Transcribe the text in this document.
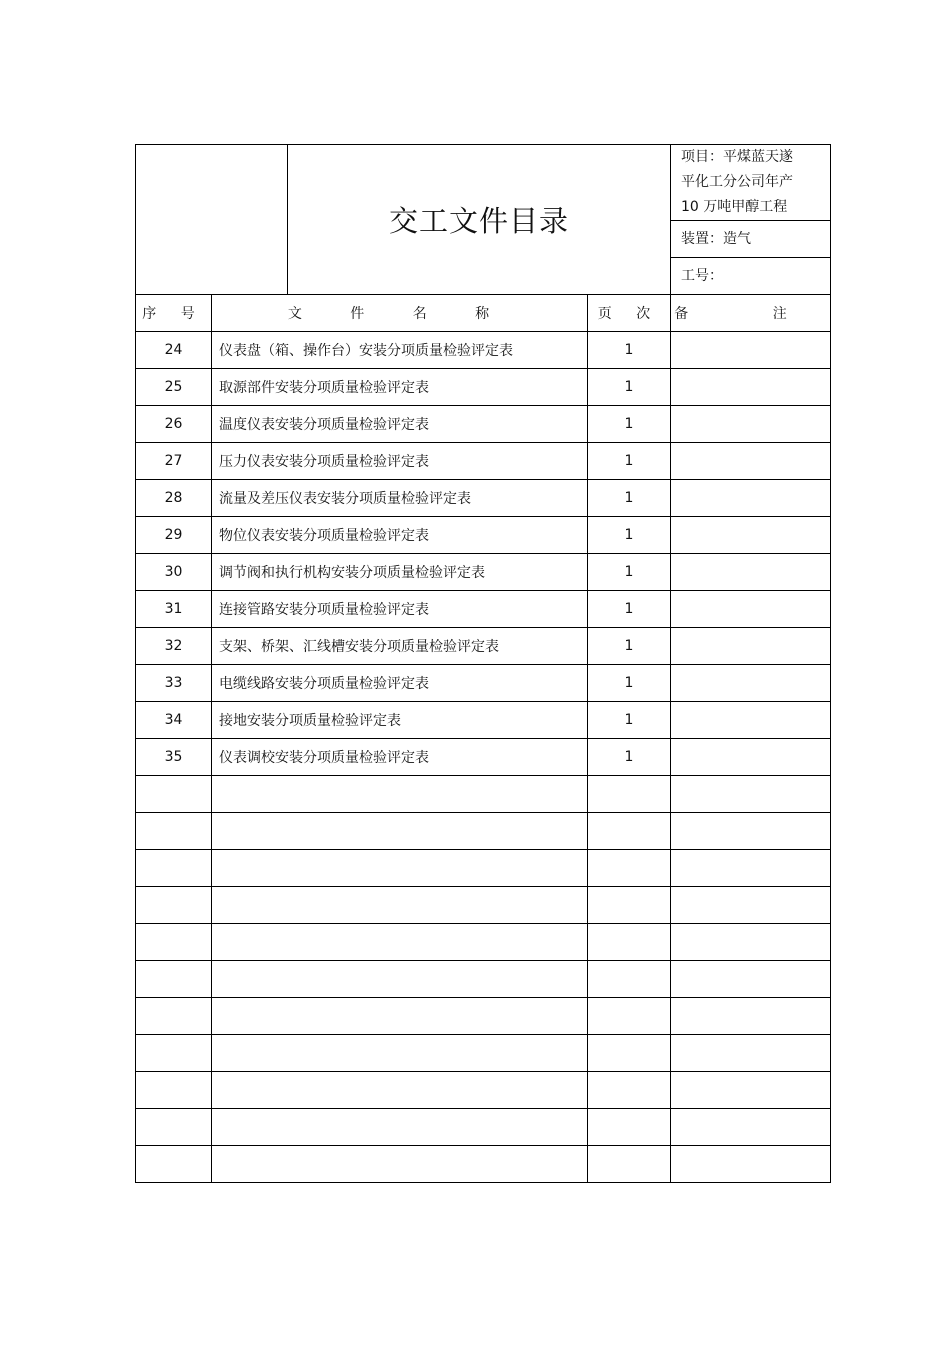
	交工文件目录	
项目：平煤蓝天遂
平化工分公司年产
10 万吨甲醇工程

装置：造气
工号：
序 号	文 件 名 称	页 次	备 注
24	仪表盘（箱、操作台）安装分项质量检验评定表	1	
25	取源部件安装分项质量检验评定表	1	
26	温度仪表安装分项质量检验评定表	1	
27	压力仪表安装分项质量检验评定表	1	
28	流量及差压仪表安装分项质量检验评定表	1	
29	物位仪表安装分项质量检验评定表	1	
30	调节阀和执行机构安装分项质量检验评定表	1	
31	连接管路安装分项质量检验评定表	1	
32	支架、桥架、汇线槽安装分项质量检验评定表	1	
33	电缆线路安装分项质量检验评定表	1	
34	接地安装分项质量检验评定表	1	
35	仪表调校安装分项质量检验评定表	1	
